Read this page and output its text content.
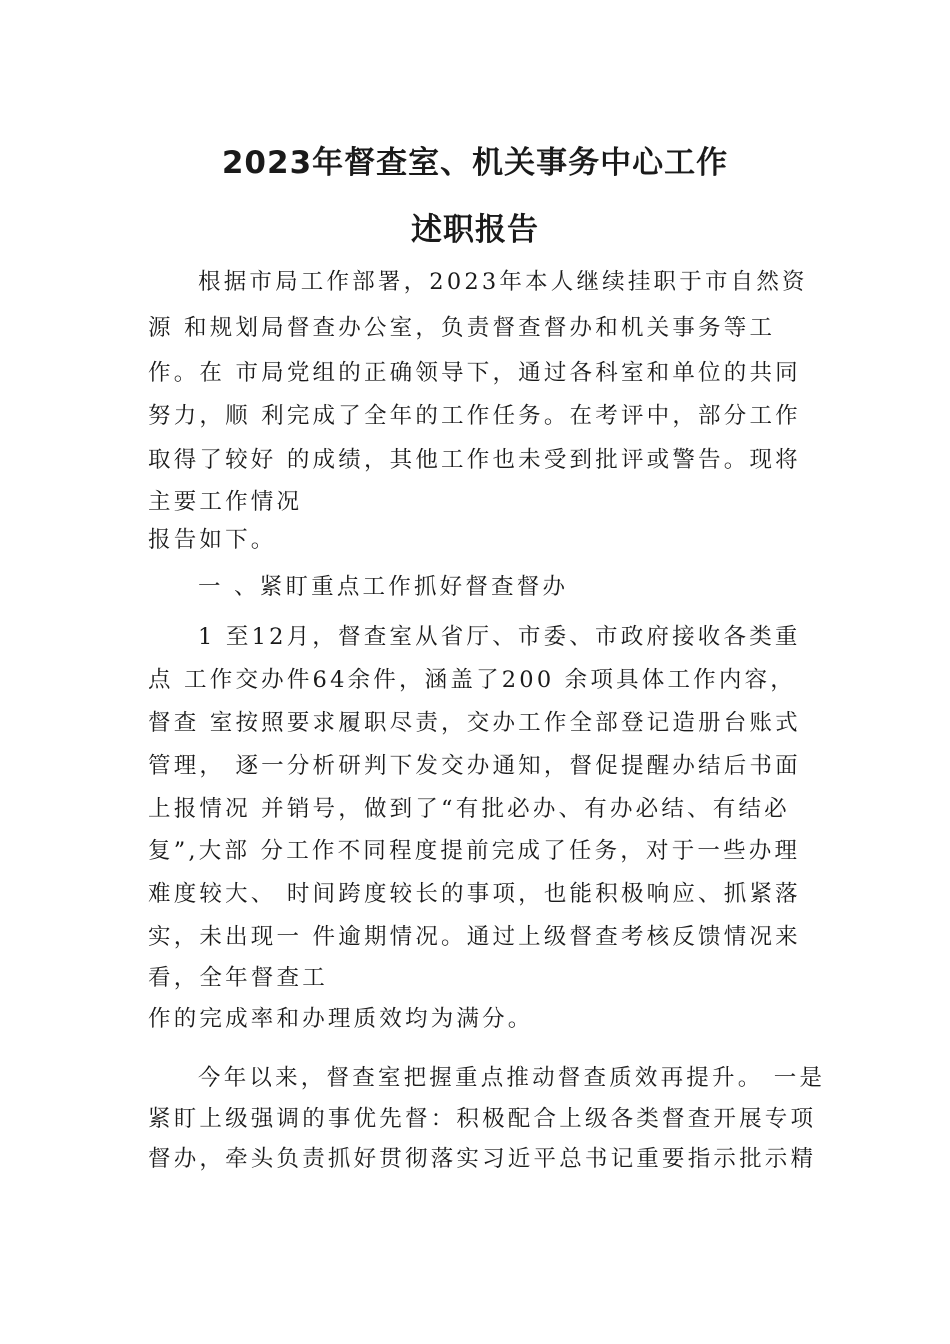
2023年督查室、机关事务中心工作
述职报告
根据市局工作部署，2023年本人继续挂职于市自然资
源 和规划局督查办公室，负责督查督办和机关事务等工
作。在 市局党组的正确领导下，通过各科室和单位的共同
努力，顺 利完成了全年的工作任务。在考评中，部分工作
取得了较好 的成绩，其他工作也未受到批评或警告。现将
主要工作情况
报告如下。
一 、紧盯重点工作抓好督查督办
1 至12月，督查室从省厅、市委、市政府接收各类重
点 工作交办件64余件，涵盖了200 余项具体工作内容，
督查 室按照要求履职尽责，交办工作全部登记造册台账式
管理， 逐一分析研判下发交办通知，督促提醒办结后书面
上报情况 并销号，做到了“有批必办、有办必结、有结必
复”,大部 分工作不同程度提前完成了任务，对于一些办理
难度较大、 时间跨度较长的事项，也能积极响应、抓紧落
实，未出现一 件逾期情况。通过上级督查考核反馈情况来
看，全年督查工
作的完成率和办理质效均为满分。
今年以来，督查室把握重点推动督查质效再提升。 一是
紧盯上级强调的事优先督：积极配合上级各类督查开展专项
督办，牵头负责抓好贯彻落实习近平总书记重要指示批示精
